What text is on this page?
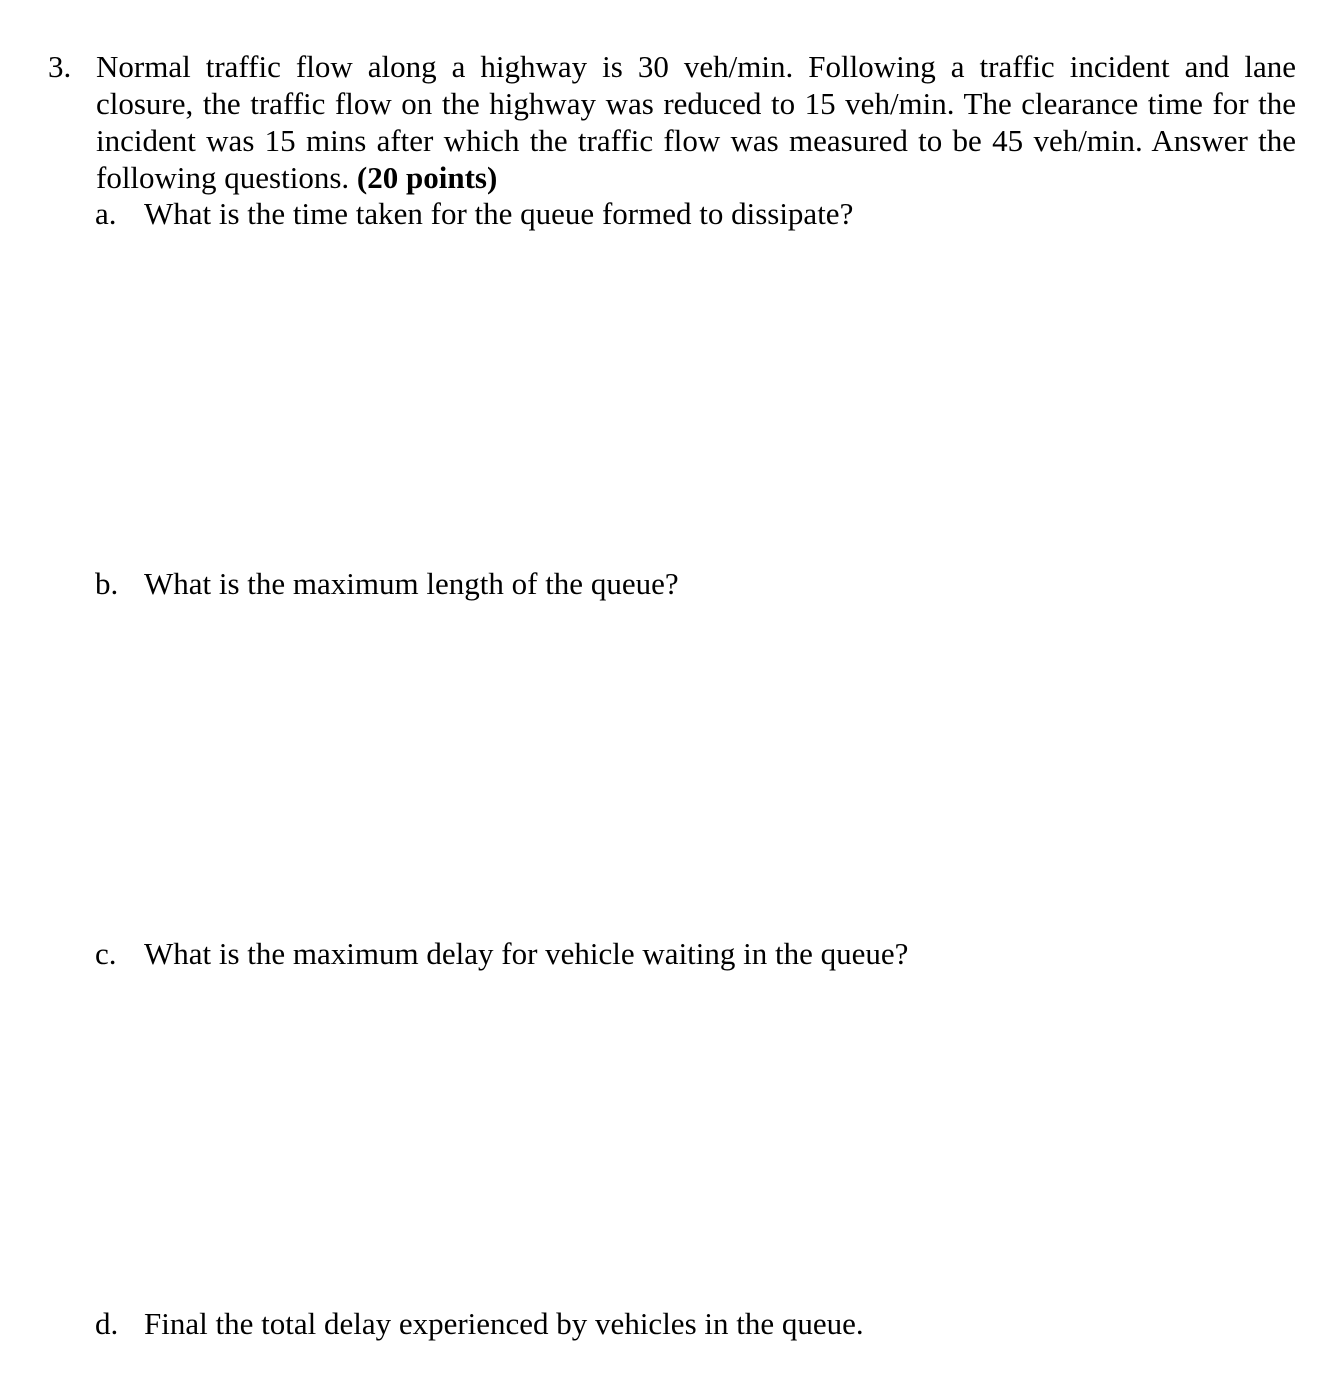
3. Normal traffic flow along a highway is 30 veh/min. Following a traffic incident and lane closure, the traffic flow on the highway was reduced to 15 veh/min. The clearance time for the incident was 15 mins after which the traffic flow was measured to be 45 veh/min. Answer the following questions. (20 points)
a. What is the time taken for the queue formed to dissipate?
b. What is the maximum length of the queue?
c. What is the maximum delay for vehicle waiting in the queue?
d. Final the total delay experienced by vehicles in the queue.
